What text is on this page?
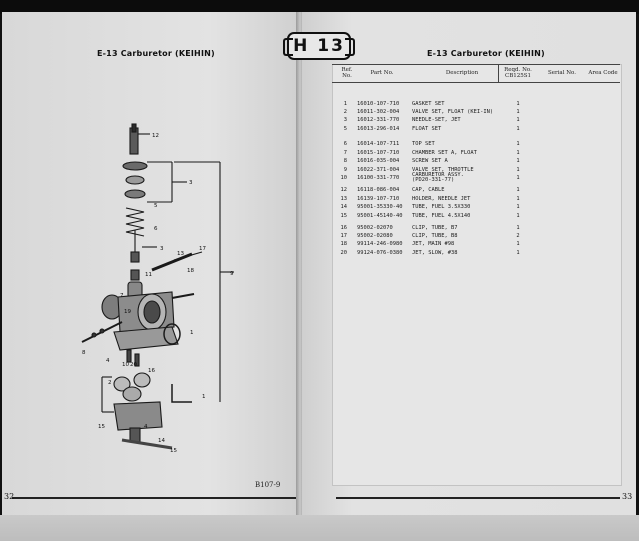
E-13 Carburetor (KEIHIN)
12
3
5
6
3
13
17
18
11
7
19
9
1
20
10
4
16
8
2
15
1
4
14
15
B107-9
32
E-13 Carburetor (KEIHIN)
Ref.
No.	Part No.	Description	Reqd. No.
CB125S1	Serial No.	Area Code
1 16010-107-710 GASKET SET	1
2 16011-302-004 VALVE SET, FLOAT (KEI-IN)	1
3 16012-331-770 NEEDLE-SET, JET	1
5 16013-296-014 FLOAT SET	1
6 16014-107-711 TOP SET	1
7 16015-107-710 CHAMBER SET A, FLOAT	1
8 16016-035-004 SCREW SET A	1
9 16022-371-004 VALVE SET, THROTTLE	1
10 16100-331-770 CARBURETOR ASSY.
(PD20-331-77)	1
12 16118-086-004 CAP, CABLE	1
13 16139-107-710 HOLDER, NEEDLE JET	1
14 95001-35330-40 TUBE, FUEL 3.5X330	1
15 95001-45140-40 TUBE, FUEL 4.5X140	1
16 95002-02070	CLIP, TUBE, B7	1
17 95002-02080	CLIP, TUBE, B8	2
18 99114-246-0980 JET, MAIN #98	1
20 99124-076-0380 JET, SLOW, #38	1
33
H 13
